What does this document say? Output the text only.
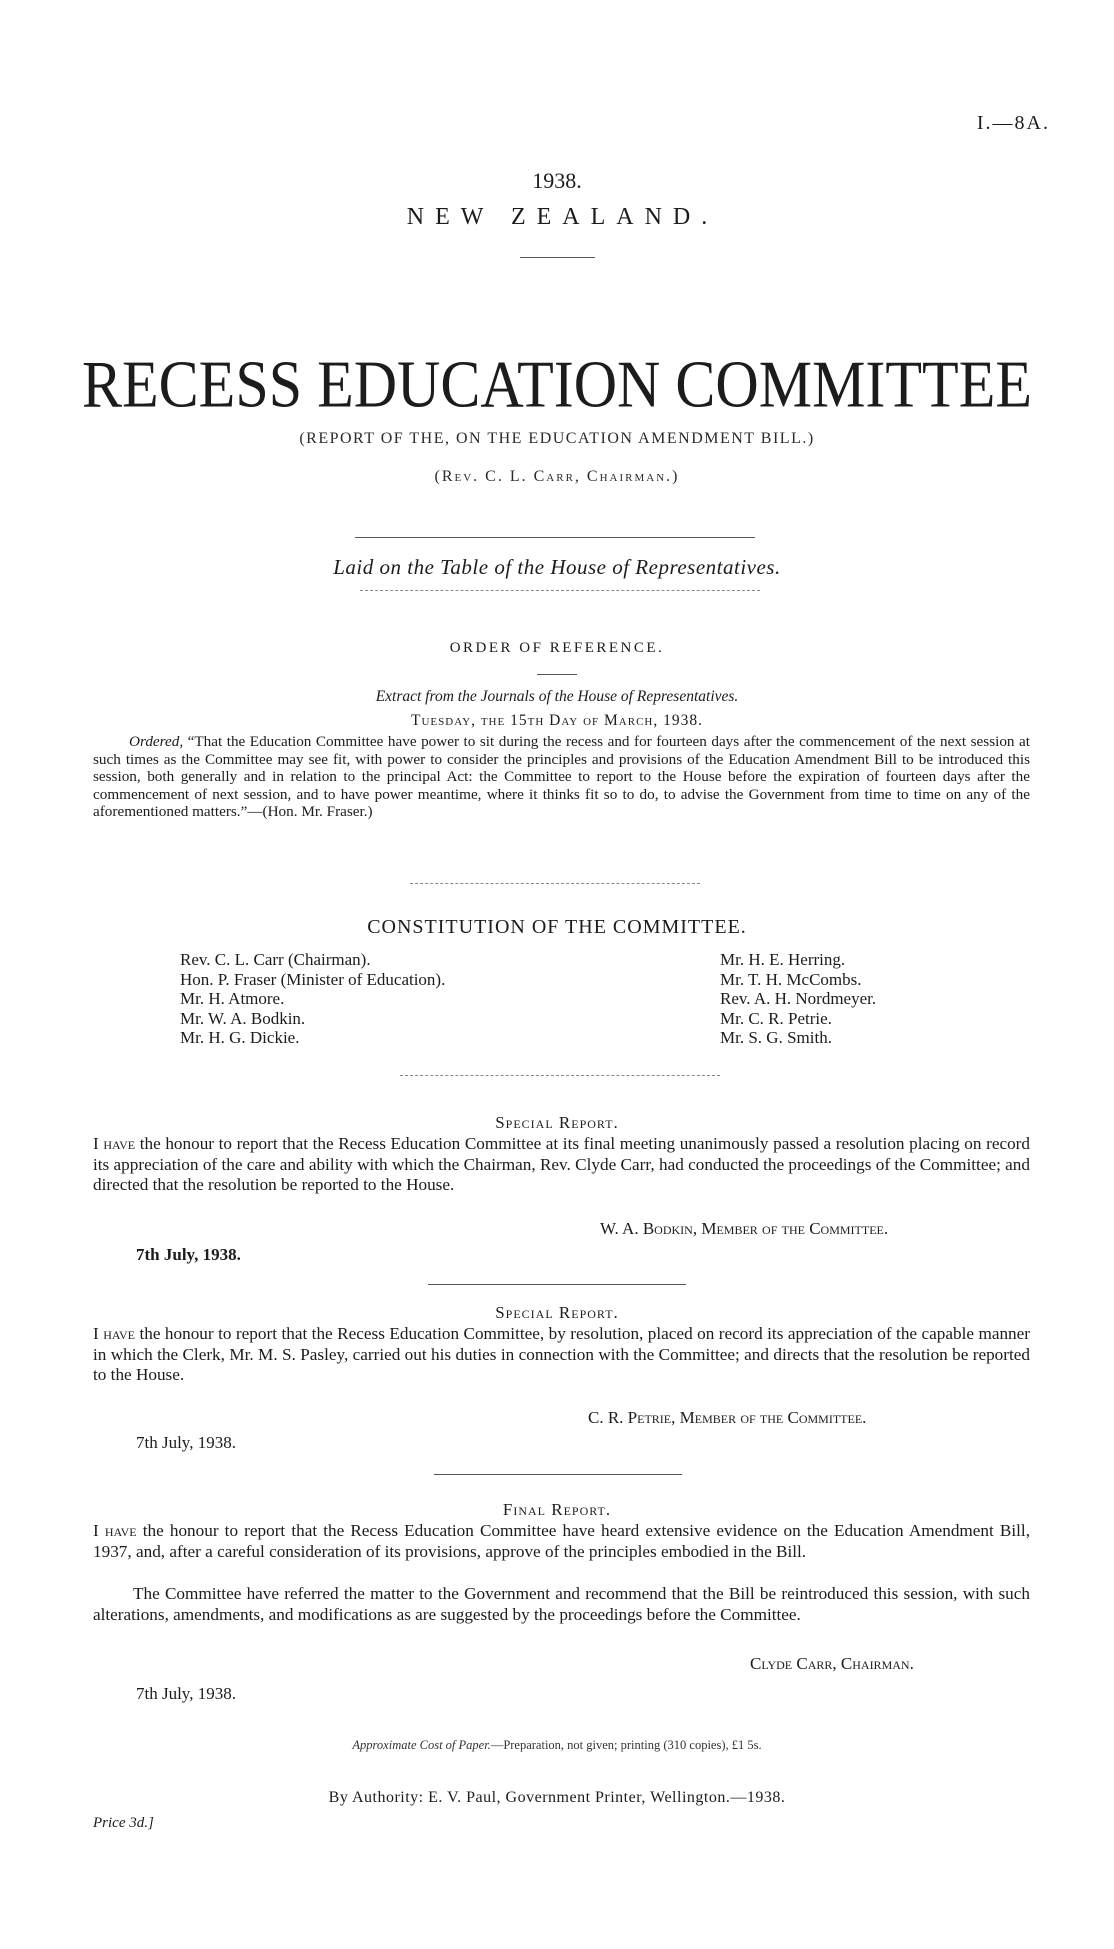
I.—8A.
1938.
NEW ZEALAND.
RECESS EDUCATION COMMITTEE
(REPORT OF THE, ON THE EDUCATION AMENDMENT BILL.)
(Rev. C. L. Carr, Chairman.)
Laid on the Table of the House of Representatives.
ORDER OF REFERENCE.
Extract from the Journals of the House of Representatives.
Tuesday, the 15th Day of March, 1938.
Ordered, “That the Education Committee have power to sit during the recess and for fourteen days after the commencement of the next session at such times as the Committee may see fit, with power to consider the principles and provisions of the Education Amendment Bill to be introduced this session, both generally and in relation to the principal Act: the Committee to report to the House before the expiration of fourteen days after the commencement of next session, and to have power meantime, where it thinks fit so to do, to advise the Government from time to time on any of the aforementioned matters.”—(Hon. Mr. Fraser.)
CONSTITUTION OF THE COMMITTEE.
Rev. C. L. Carr (Chairman).
Hon. P. Fraser (Minister of Education).
Mr. H. Atmore.
Mr. W. A. Bodkin.
Mr. H. G. Dickie.
Mr. H. E. Herring.
Mr. T. H. McCombs.
Rev. A. H. Nordmeyer.
Mr. C. R. Petrie.
Mr. S. G. Smith.
Special Report.
I have the honour to report that the Recess Education Committee at its final meeting unanimously passed a resolution placing on record its appreciation of the care and ability with which the Chairman, Rev. Clyde Carr, had conducted the proceedings of the Committee; and directed that the resolution be reported to the House.
W. A. Bodkin, Member of the Committee.
7th July, 1938.
Special Report.
I have the honour to report that the Recess Education Committee, by resolution, placed on record its appreciation of the capable manner in which the Clerk, Mr. M. S. Pasley, carried out his duties in connection with the Committee; and directs that the resolution be reported to the House.
C. R. Petrie, Member of the Committee.
7th July, 1938.
Final Report.
I have the honour to report that the Recess Education Committee have heard extensive evidence on the Education Amendment Bill, 1937, and, after a careful consideration of its provisions, approve of the principles embodied in the Bill.
The Committee have referred the matter to the Government and recommend that the Bill be reintroduced this session, with such alterations, amendments, and modifications as are suggested by the proceedings before the Committee.
Clyde Carr, Chairman.
7th July, 1938.
Approximate Cost of Paper.—Preparation, not given; printing (310 copies), £1 5s.
By Authority: E. V. Paul, Government Printer, Wellington.—1938.
Price 3d.]
